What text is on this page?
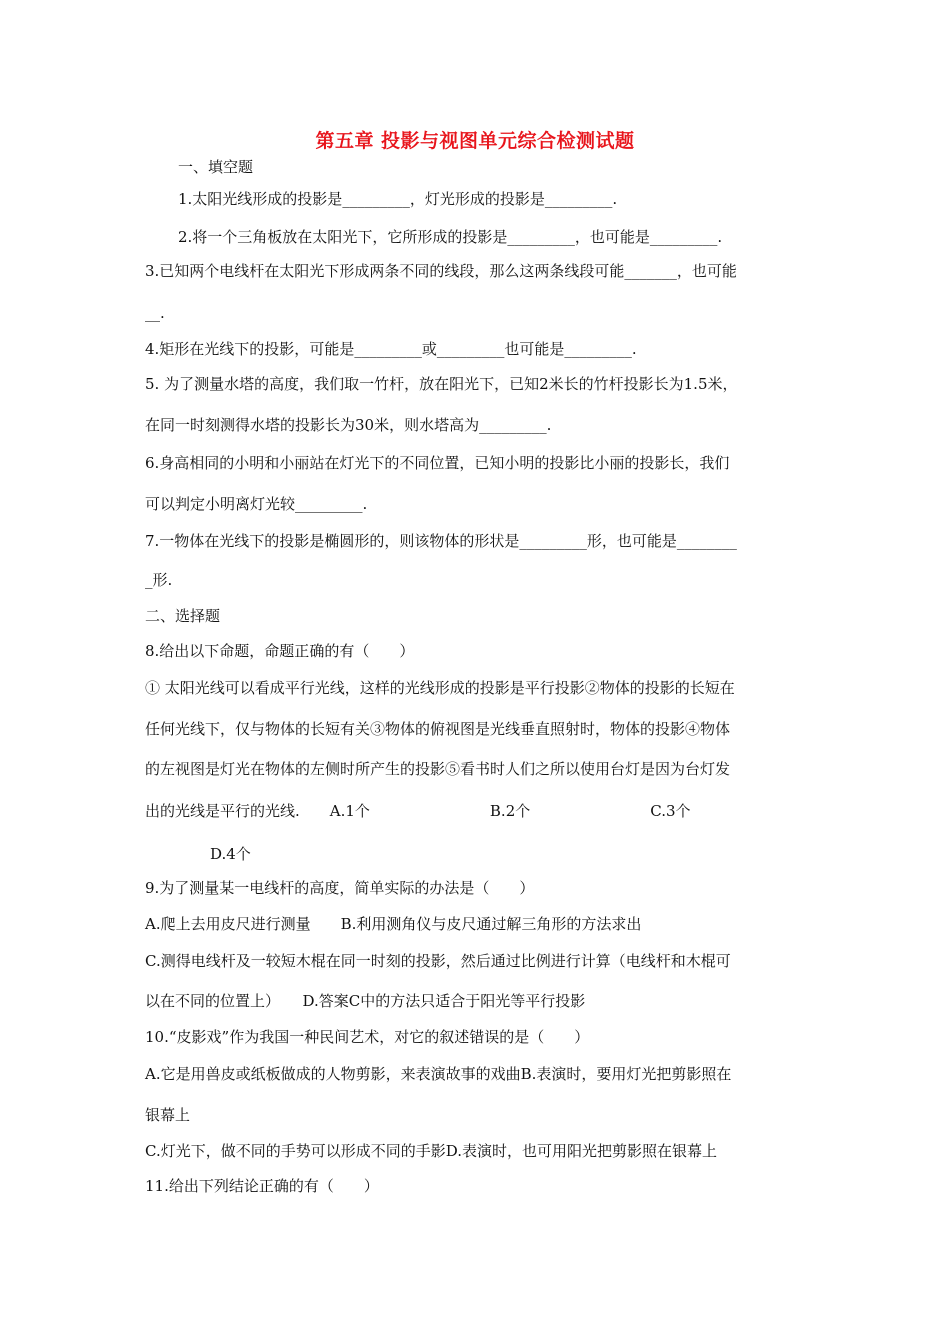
第五章 投影与视图单元综合检测试题
一、填空题
1.太阳光线形成的投影是_________，灯光形成的投影是_________.
2.将一个三角板放在太阳光下，它所形成的投影是_________，也可能是_________.
3.已知两个电线杆在太阳光下形成两条不同的线段，那么这两条线段可能_______，也可能
__.
4.矩形在光线下的投影，可能是_________或_________也可能是_________.
5. 为了测量水塔的高度，我们取一竹杆，放在阳光下，已知2米长的竹杆投影长为1.5米，
在同一时刻测得水塔的投影长为30米，则水塔高为_________.
6.身高相同的小明和小丽站在灯光下的不同位置，已知小明的投影比小丽的投影长，我们
可以判定小明离灯光较_________.
7.一物体在光线下的投影是椭圆形的，则该物体的形状是_________形，也可能是________
_形.
二、选择题
8.给出以下命题，命题正确的有（　　）
① 太阳光线可以看成平行光线，这样的光线形成的投影是平行投影②物体的投影的长短在
任何光线下，仅与物体的长短有关③物体的俯视图是光线垂直照射时，物体的投影④物体
的左视图是灯光在物体的左侧时所产生的投影⑤看书时人们之所以使用台灯是因为台灯发
出的光线是平行的光线.　　A.1个　　　　　　　　B.2个　　　　　　　　C.3个
D.4个
9.为了测量某一电线杆的高度，简单实际的办法是（　　）
A.爬上去用皮尺进行测量　　B.利用测角仪与皮尺通过解三角形的方法求出
C.测得电线杆及一较短木棍在同一时刻的投影，然后通过比例进行计算（电线杆和木棍可
以在不同的位置上）　　D.答案C中的方法只适合于阳光等平行投影
10.“皮影戏”作为我国一种民间艺术，对它的叙述错误的是（　　）
A.它是用兽皮或纸板做成的人物剪影，来表演故事的戏曲B.表演时，要用灯光把剪影照在
银幕上
C.灯光下，做不同的手势可以形成不同的手影D.表演时，也可用阳光把剪影照在银幕上
11.给出下列结论正确的有（　　）
